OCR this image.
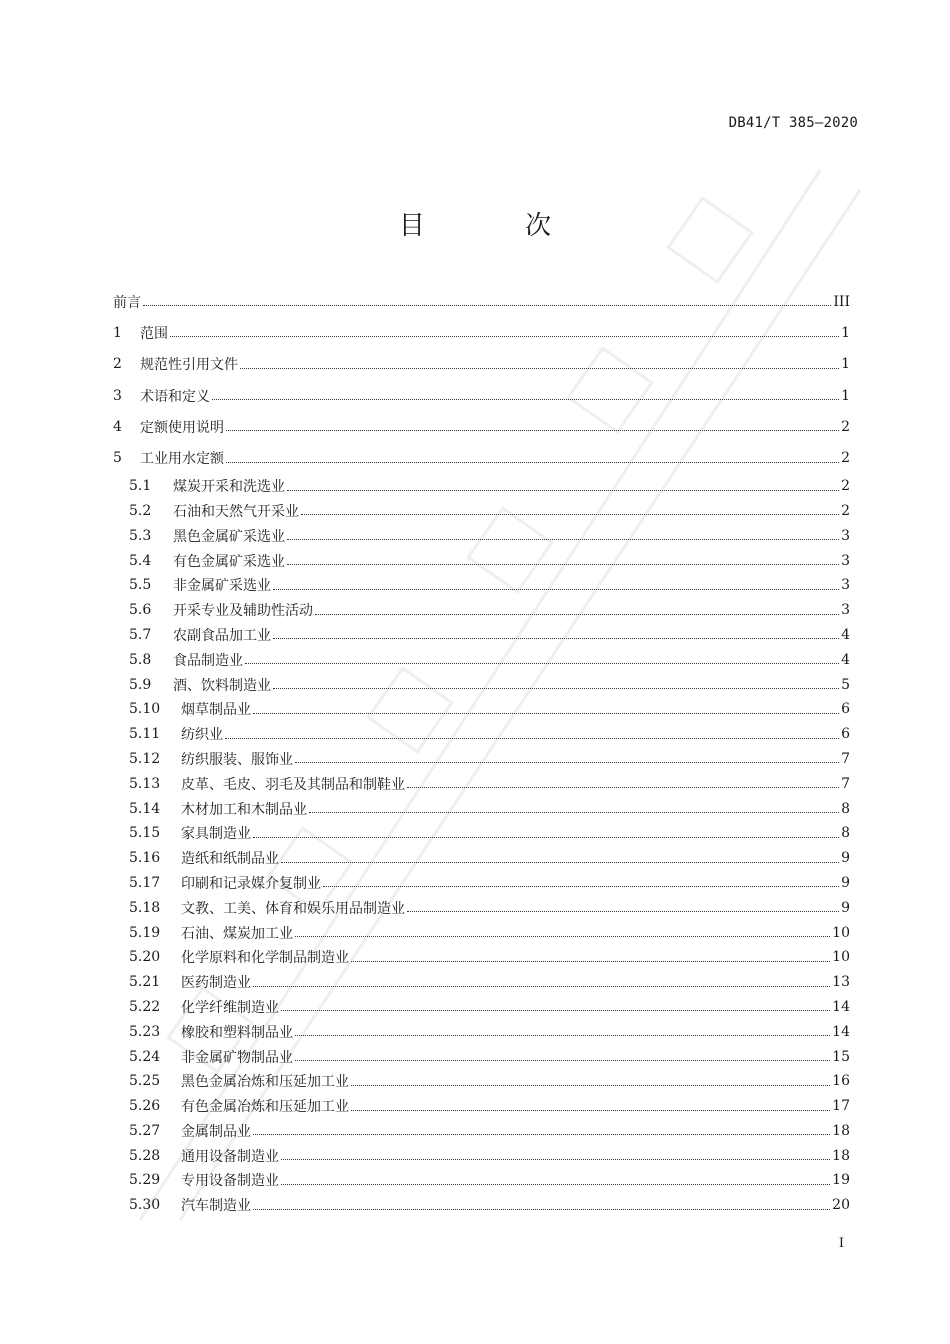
DB41/T 385—2020
目 次
前言	III
1	范围	1
2	规范性引用文件	1
3	术语和定义	1
4	定额使用说明	2
5	工业用水定额	2
5.1	煤炭开采和洗选业	2
5.2	石油和天然气开采业	2
5.3	黑色金属矿采选业	3
5.4	有色金属矿采选业	3
5.5	非金属矿采选业	3
5.6	开采专业及辅助性活动	3
5.7	农副食品加工业	4
5.8	食品制造业	4
5.9	酒、饮料制造业	5
5.10	烟草制品业	6
5.11	纺织业	6
5.12	纺织服装、服饰业	7
5.13	皮革、毛皮、羽毛及其制品和制鞋业	7
5.14	木材加工和木制品业	8
5.15	家具制造业	8
5.16	造纸和纸制品业	9
5.17	印刷和记录媒介复制业	9
5.18	文教、工美、体育和娱乐用品制造业	9
5.19	石油、煤炭加工业	10
5.20	化学原料和化学制品制造业	10
5.21	医药制造业	13
5.22	化学纤维制造业	14
5.23	橡胶和塑料制品业	14
5.24	非金属矿物制品业	15
5.25	黑色金属冶炼和压延加工业	16
5.26	有色金属冶炼和压延加工业	17
5.27	金属制品业	18
5.28	通用设备制造业	18
5.29	专用设备制造业	19
5.30	汽车制造业	20
I
